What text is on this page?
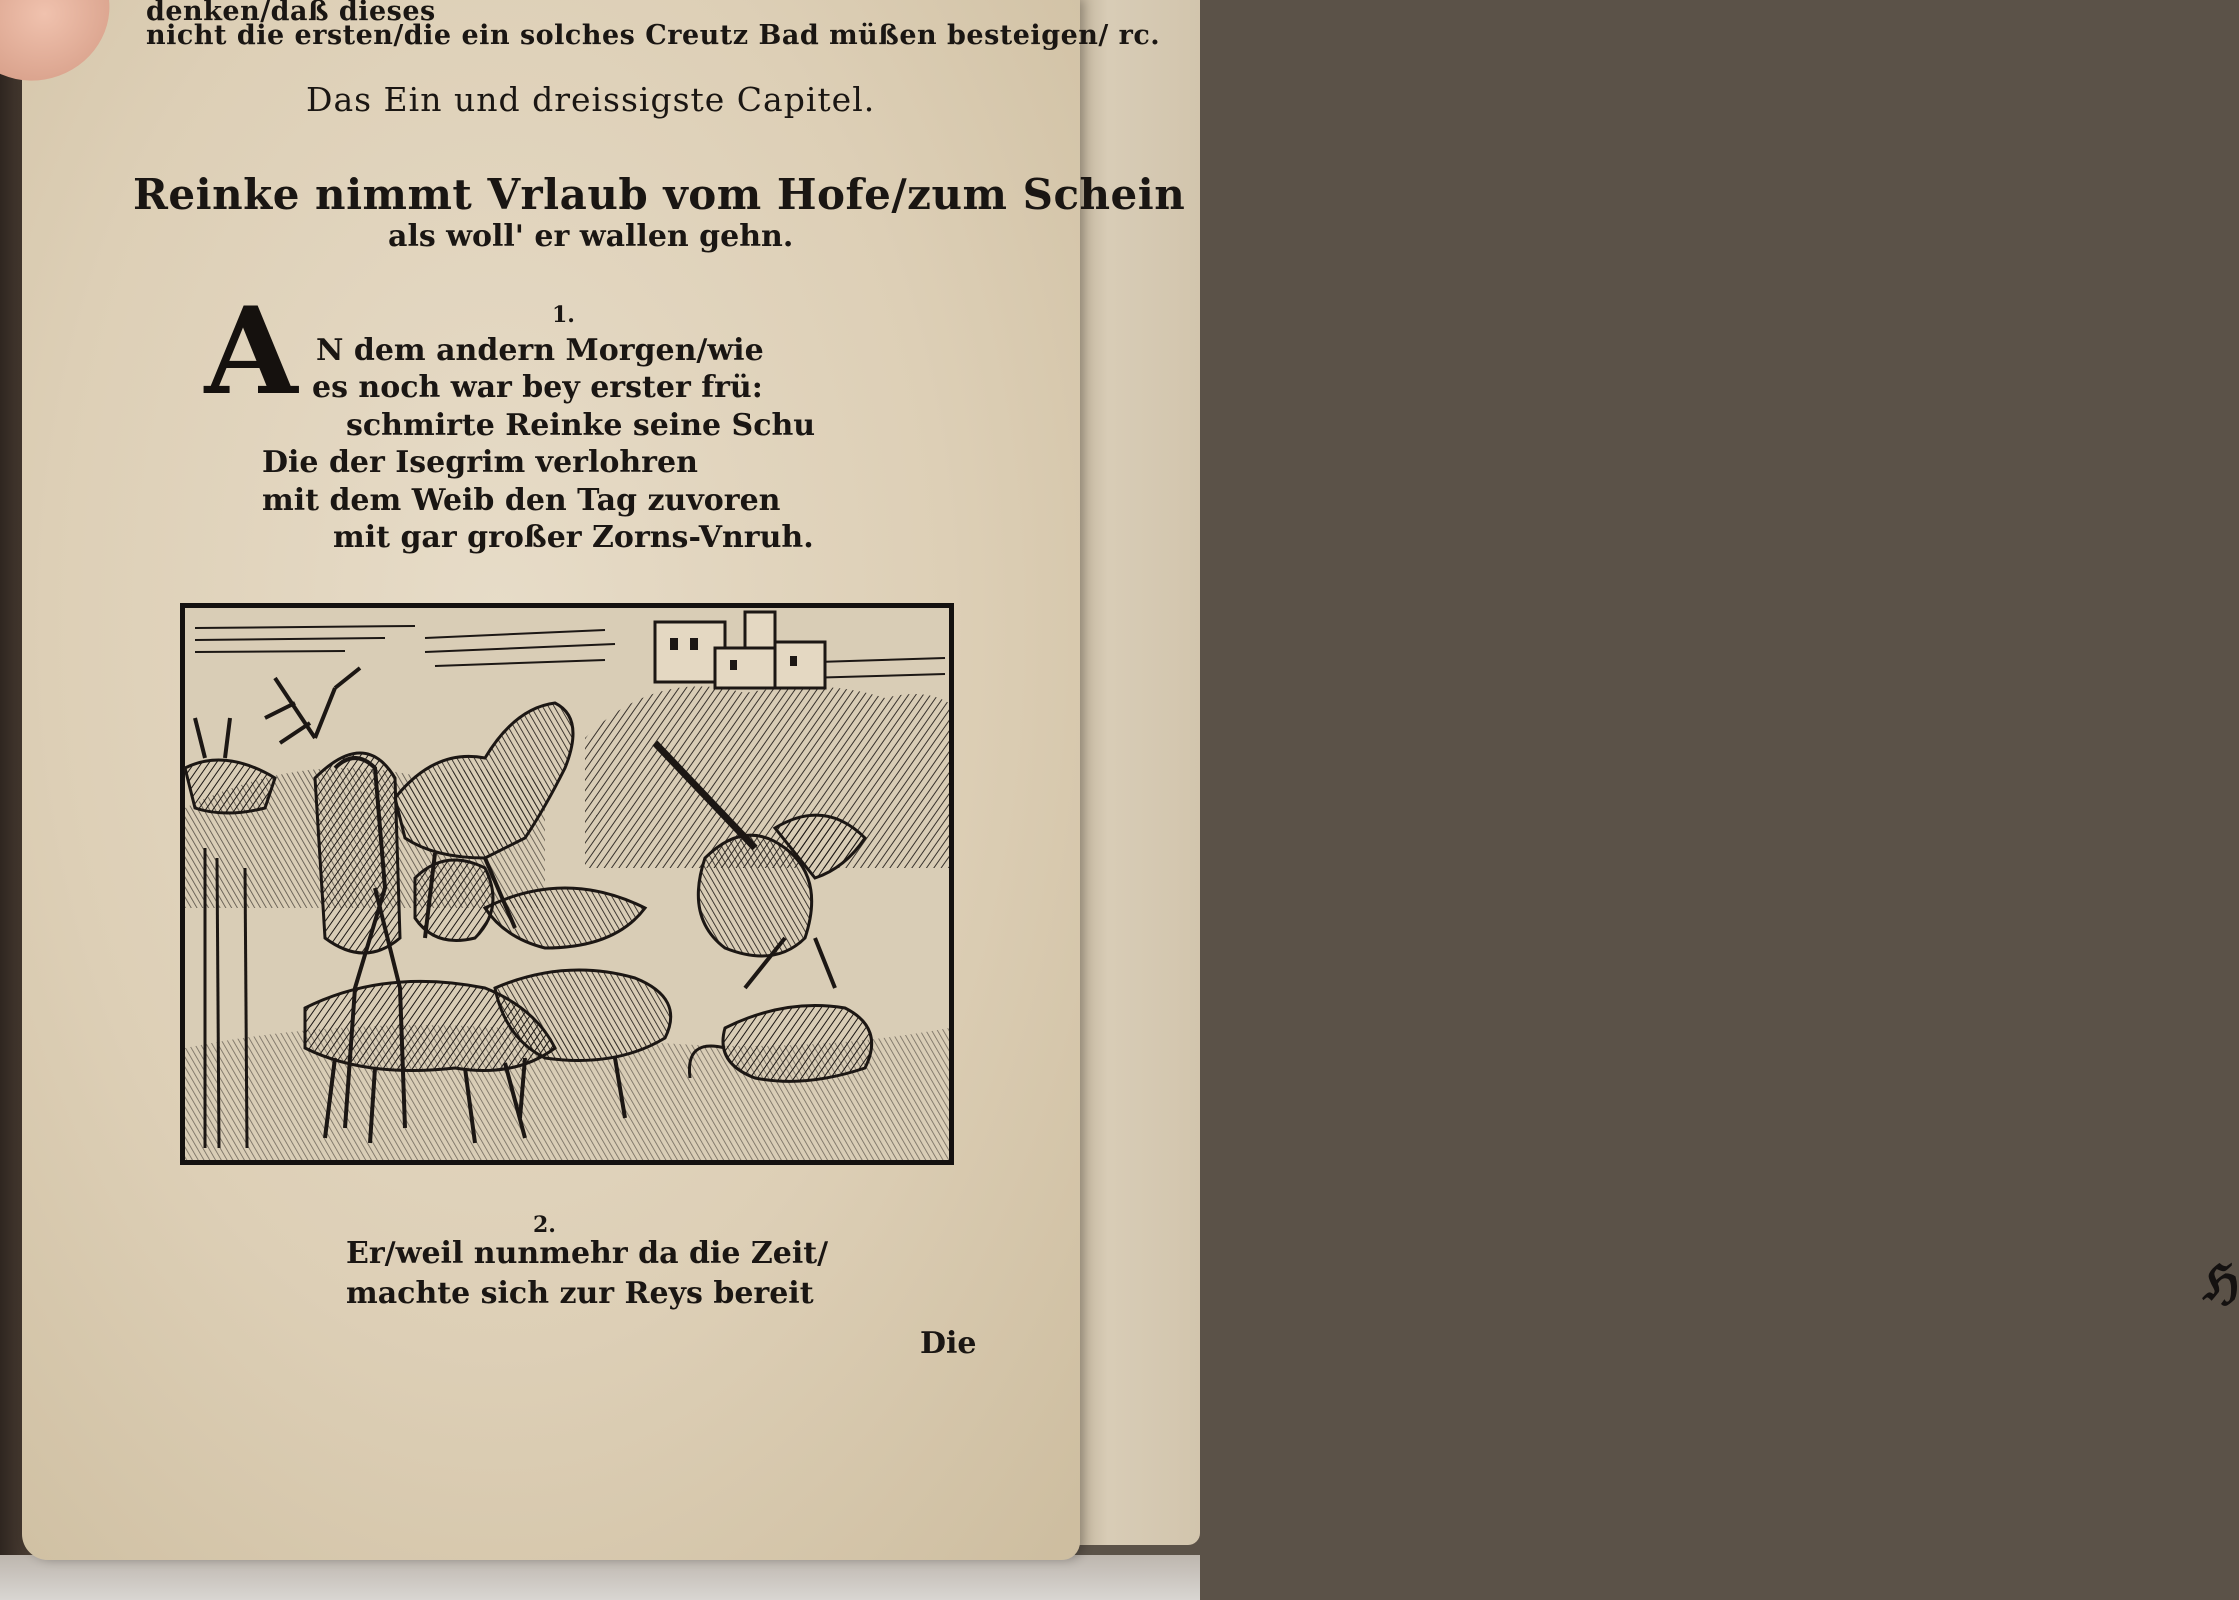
ℌ
denken/daß dieses
nicht die ersten/die ein solches Creutz Bad müßen besteigen/ rc.
Das Ein und dreissigste Capitel.
Reinke nimmt Vrlaub vom Hofe/zum Schein
als woll' er wallen gehn.
1.
A N dem andern Morgen/wie
es noch war bey erster frü:
schmirte Reinke seine Schu
Die der Isegrim verlohren
mit dem Weib den Tag zuvoren
mit gar großer Zorns-Vnruh.
2.
Er/weil nunmehr da die Zeit/
machte sich zur Reys bereit
Die
